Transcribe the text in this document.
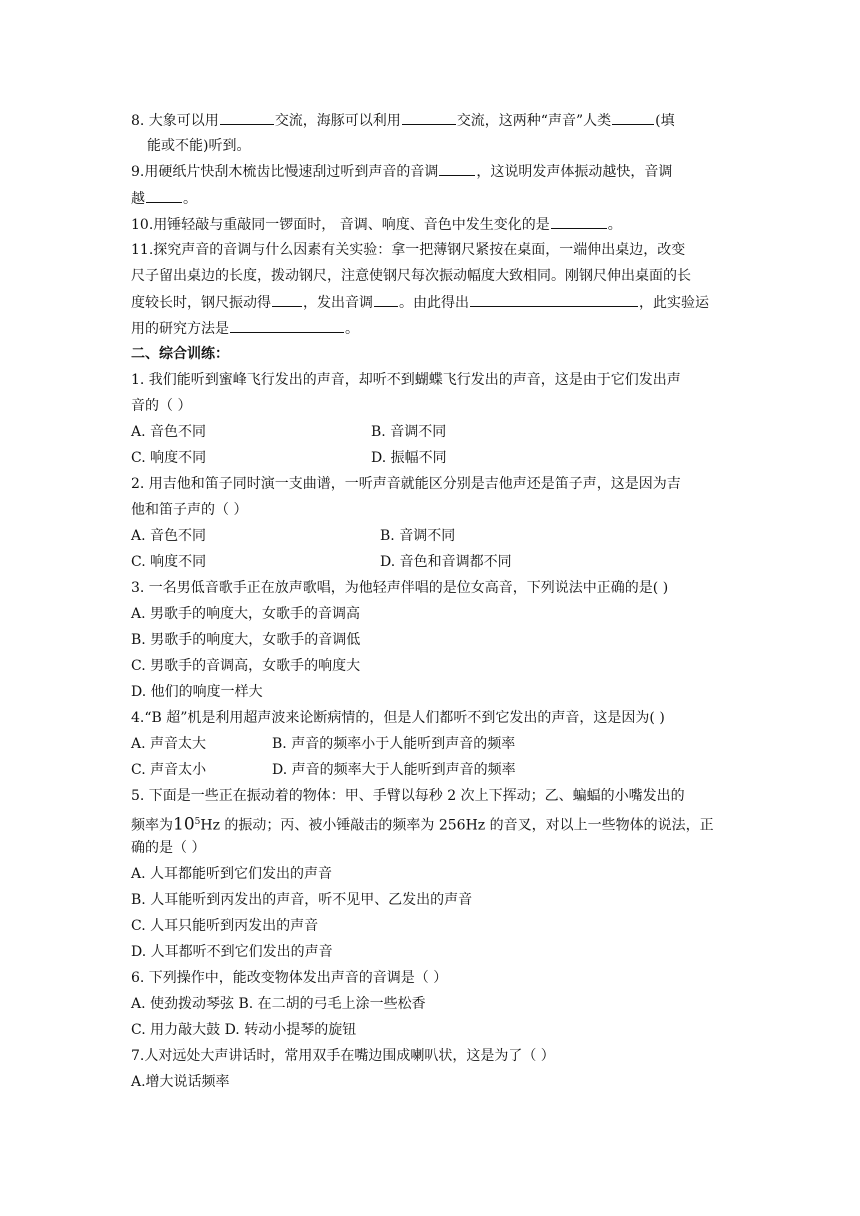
8. 大象可以用	交流，海豚可以利用	交流，这两种“声音”人类	(填
能或不能)听到。
9.用硬纸片快刮木梳齿比慢速刮过听到声音的音调	，这说明发声体振动越快，音调
越	。
10.用锤轻敲与重敲同一锣面时， 音调、响度、音色中发生变化的是	。
11.探究声音的音调与什么因素有关实验：拿一把薄钢尺紧按在桌面，一端伸出桌边，改变
尺子留出桌边的长度，拨动钢尺，注意使钢尺每次振动幅度大致相同。刚钢尺伸出桌面的长
度较长时，钢尺振动得 ，发出音调 。由此得出	，此实验运
用的研究方法是	。
二、综合训练：
1. 我们能听到蜜峰飞行发出的声音，却听不到蝴蝶飞行发出的声音，这是由于它们发出声
音的（ ）
A. 音色不同	B. 音调不同
C. 响度不同	D. 振幅不同
2. 用吉他和笛子同时演一支曲谱，一听声音就能区分别是吉他声还是笛子声，这是因为吉
他和笛子声的（ ）
A. 音色不同	B. 音调不同
C. 响度不同	D. 音色和音调都不同
3. 一名男低音歌手正在放声歌唱，为他轻声伴唱的是位女高音，下列说法中正确的是( )
A. 男歌手的响度大，女歌手的音调高
B. 男歌手的响度大，女歌手的音调低
C. 男歌手的音调高，女歌手的响度大
D. 他们的响度一样大
4.“B 超”机是利用超声波来论断病情的，但是人们都听不到它发出的声音，这是因为( )
A. 声音太大	B. 声音的频率小于人能听到声音的频率
C. 声音太小	D. 声音的频率大于人能听到声音的频率
5. 下面是一些正在振动着的物体：甲、手臂以每秒 2 次上下挥动；乙、蝙蝠的小嘴发出的
频率为$10^5Hz$ 的振动；丙、被小锤敲击的频率为 256Hz 的音叉，对以上一些物体的说法，正
确的是（ ）
A. 人耳都能听到它们发出的声音
B. 人耳能听到丙发出的声音，听不见甲、乙发出的声音
C. 人耳只能听到丙发出的声音
D. 人耳都听不到它们发出的声音
6. 下列操作中，能改变物体发出声音的音调是（ ）
A. 使劲拨动琴弦 B. 在二胡的弓毛上涂一些松香
C. 用力敲大鼓 D. 转动小提琴的旋钮
7.人对远处大声讲话时，常用双手在嘴边围成喇叭状，这是为了（ ）
A.增大说话频率
